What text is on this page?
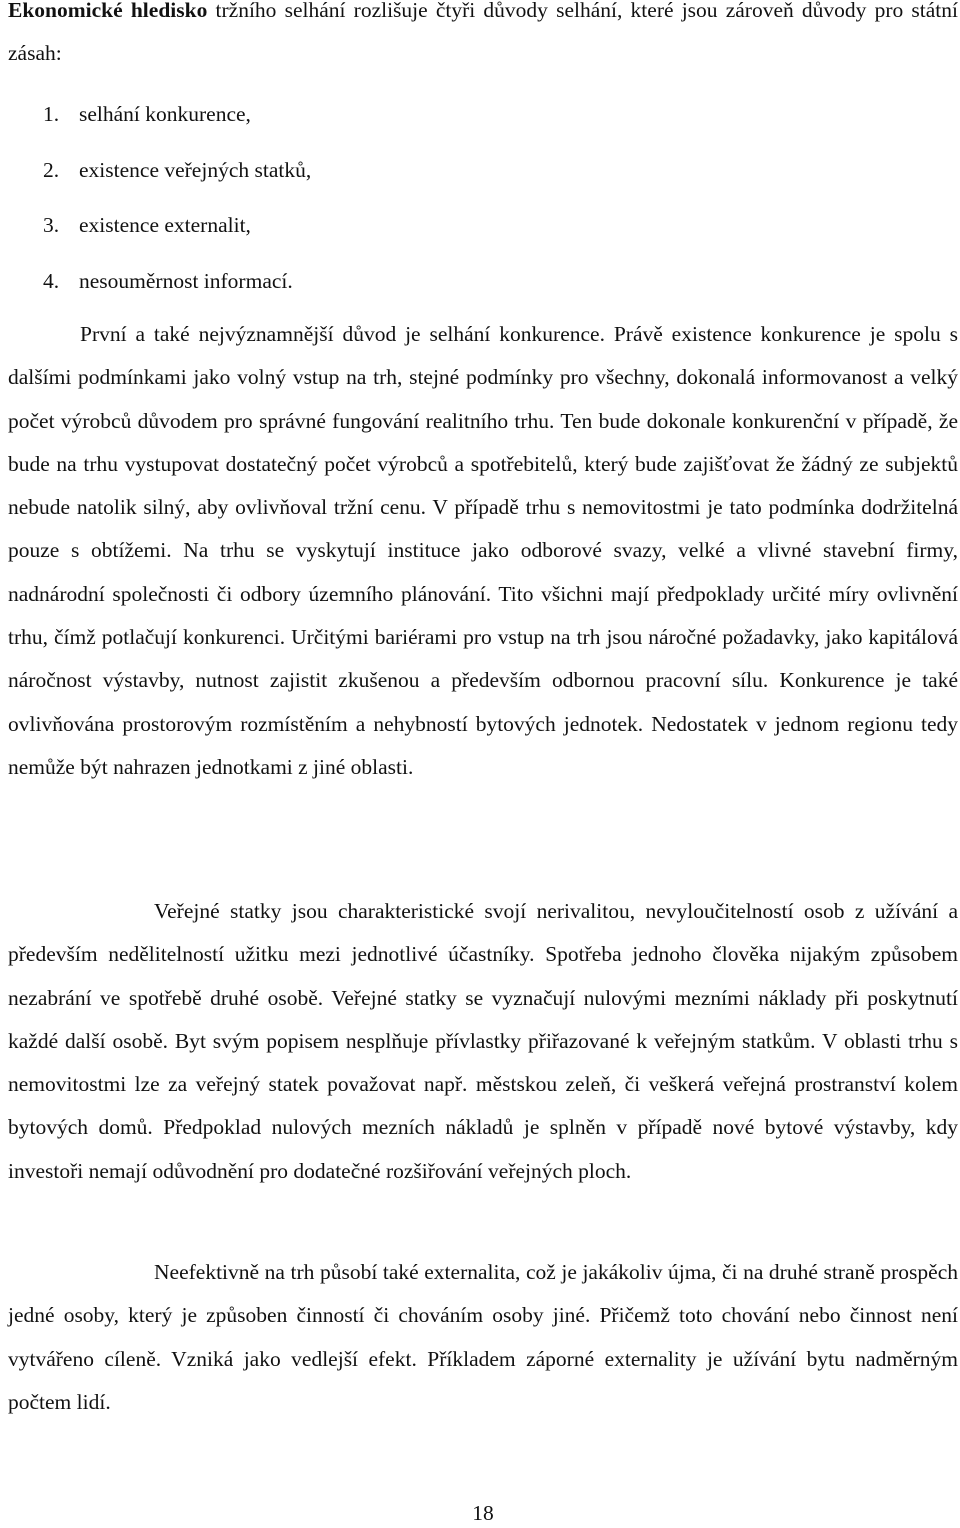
Ekonomické hledisko tržního selhání rozlišuje čtyři důvody selhání, které jsou zároveň důvody pro státní zásah:

1. selhání konkurence,
2. existence veřejných statků,
3. existence externalit,
4. nesouměrnost informací.

První a také nejvýznamnější důvod je selhání konkurence. Právě existence konkurence je spolu s dalšími podmínkami jako volný vstup na trh, stejné podmínky pro všechny, dokonalá informovanost a velký počet výrobců důvodem pro správné fungování realitního trhu. Ten bude dokonale konkurenční v případě, že bude na trhu vystupovat dostatečný počet výrobců a spotřebitelů, který bude zajišťovat že žádný ze subjektů nebude natolik silný, aby ovlivňoval tržní cenu. V případě trhu s nemovitostmi je tato podmínka dodržitelná pouze s obtížemi. Na trhu se vyskytují instituce jako odborové svazy, velké a vlivné stavební firmy, nadnárodní společnosti či odbory územního plánování. Tito všichni mají předpoklady určité míry ovlivnění trhu, čímž potlačují konkurenci. Určitými bariérami pro vstup na trh jsou náročné požadavky, jako kapitálová náročnost výstavby, nutnost zajistit zkušenou a především odbornou pracovní sílu. Konkurence je také ovlivňována prostorovým rozmístěním a nehybností bytových jednotek. Nedostatek v jednom regionu tedy nemůže být nahrazen jednotkami z jiné oblasti.

Veřejné statky jsou charakteristické svojí nerivalitou, nevyloučitelností osob z užívání a především nedělitelností užitku mezi jednotlivé účastníky. Spotřeba jednoho člověka nijakým způsobem nezabrání ve spotřebě druhé osobě. Veřejné statky se vyznačují nulovými mezními náklady při poskytnutí každé další osobě. Byt svým popisem nesplňuje přívlastky přiřazované k veřejným statkům. V oblasti trhu s nemovitostmi lze za veřejný statek považovat např. městskou zeleň, či veškerá veřejná prostranství kolem bytových domů. Předpoklad nulových mezních nákladů je splněn v případě nové bytové výstavby, kdy investoři nemají odůvodnění pro dodatečné rozšiřování veřejných ploch.

Neefektivně na trh působí také externalita, což je jakákoliv újma, či na druhé straně prospěch jedné osoby, který je způsoben činností či chováním osoby jiné. Přičemž toto chování nebo činnost není vytvářeno cíleně. Vzniká jako vedlejší efekt. Příkladem záporné externality je užívání bytu nadměrným počtem lidí.

18
